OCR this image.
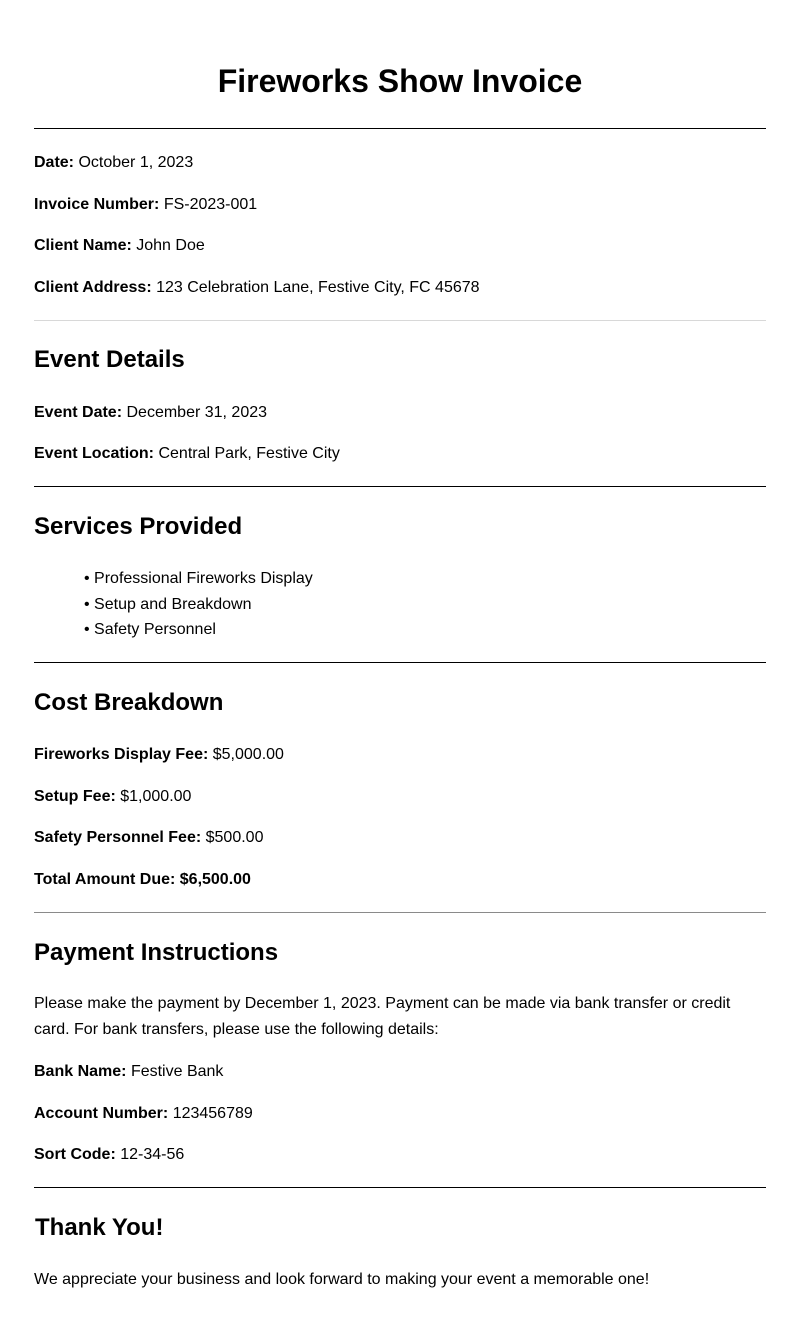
Fireworks Show Invoice
Date: October 1, 2023
Invoice Number: FS-2023-001
Client Name: John Doe
Client Address: 123 Celebration Lane, Festive City, FC 45678
Event Details
Event Date: December 31, 2023
Event Location: Central Park, Festive City
Services Provided
• Professional Fireworks Display
• Setup and Breakdown
• Safety Personnel
Cost Breakdown
Fireworks Display Fee: $5,000.00
Setup Fee: $1,000.00
Safety Personnel Fee: $500.00
Total Amount Due: $6,500.00
Payment Instructions
Please make the payment by December 1, 2023. Payment can be made via bank transfer or credit card. For bank transfers, please use the following details:
Bank Name: Festive Bank
Account Number: 123456789
Sort Code: 12-34-56
Thank You!
We appreciate your business and look forward to making your event a memorable one!
